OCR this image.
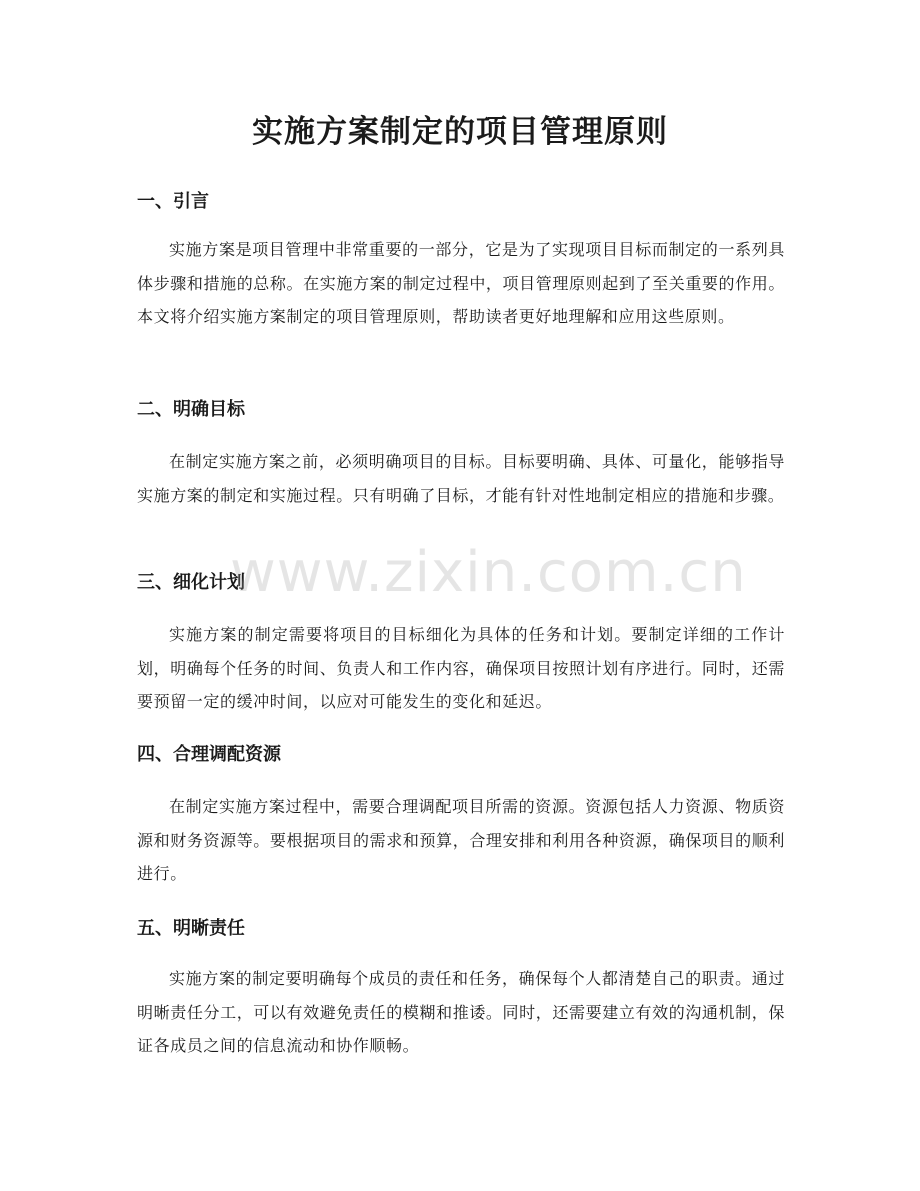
实施方案制定的项目管理原则
一、引言

实施方案是项目管理中非常重要的一部分，它是为了实现项目目标而制定的一系列具体步骤和措施的总称。在实施方案的制定过程中，项目管理原则起到了至关重要的作用。本文将介绍实施方案制定的项目管理原则，帮助读者更好地理解和应用这些原则。

二、明确目标

在制定实施方案之前，必须明确项目的目标。目标要明确、具体、可量化，能够指导实施方案的制定和实施过程。只有明确了目标，才能有针对性地制定相应的措施和步骤。

三、细化计划

实施方案的制定需要将项目的目标细化为具体的任务和计划。要制定详细的工作计划，明确每个任务的时间、负责人和工作内容，确保项目按照计划有序进行。同时，还需要预留一定的缓冲时间，以应对可能发生的变化和延迟。

四、合理调配资源

在制定实施方案过程中，需要合理调配项目所需的资源。资源包括人力资源、物质资源和财务资源等。要根据项目的需求和预算，合理安排和利用各种资源，确保项目的顺利进行。

五、明晰责任

实施方案的制定要明确每个成员的责任和任务，确保每个人都清楚自己的职责。通过明晰责任分工，可以有效避免责任的模糊和推诿。同时，还需要建立有效的沟通机制，保证各成员之间的信息流动和协作顺畅。

www.zixin.com.cn
